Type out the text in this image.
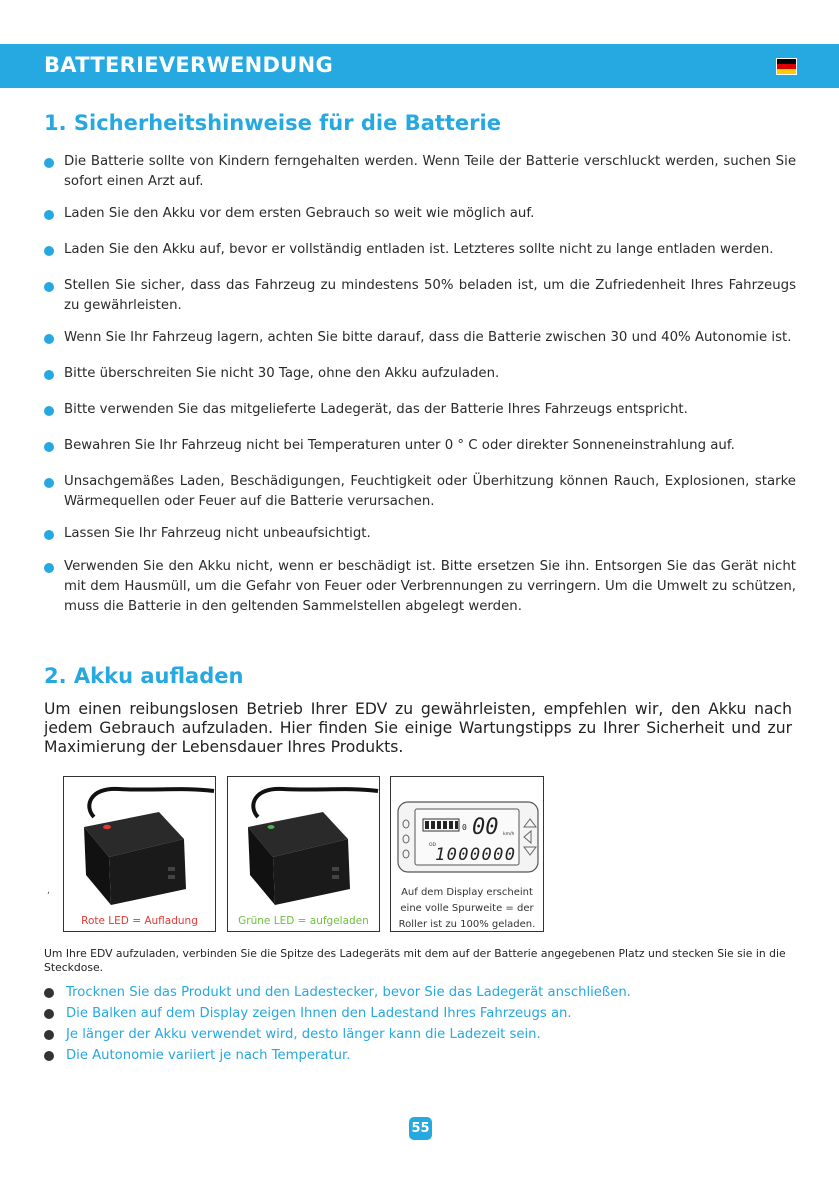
BATTERIEVERWENDUNG
1. Sicherheitshinweise für die Batterie
Die Batterie sollte von Kindern ferngehalten werden. Wenn Teile der Batterie verschluckt werden, suchen Sie sofort einen Arzt auf.
Laden Sie den Akku vor dem ersten Gebrauch so weit wie möglich auf.
Laden Sie den Akku auf, bevor er vollständig entladen ist. Letzteres sollte nicht zu lange entladen werden.
Stellen Sie sicher, dass das Fahrzeug zu mindestens 50% beladen ist, um die Zufriedenheit Ihres Fahrzeugs zu gewährleisten.
Wenn Sie Ihr Fahrzeug lagern, achten Sie bitte darauf, dass die Batterie zwischen 30 und 40% Autonomie ist.
Bitte überschreiten Sie nicht 30 Tage, ohne den Akku aufzuladen.
Bitte verwenden Sie das mitgelieferte Ladegerät, das der Batterie Ihres Fahrzeugs entspricht.
Bewahren Sie Ihr Fahrzeug nicht bei Temperaturen unter 0 ° C oder direkter Sonneneinstrahlung auf.
Unsachgemäßes Laden, Beschädigungen, Feuchtigkeit oder Überhitzung können Rauch, Explosionen, starke Wärmequellen oder Feuer auf die Batterie verursachen.
Lassen Sie Ihr Fahrzeug nicht unbeaufsichtigt.
Verwenden Sie den Akku nicht, wenn er beschädigt ist. Bitte ersetzen Sie ihn. Entsorgen Sie das Gerät nicht mit dem Hausmüll, um die Gefahr von Feuer oder Verbrennungen zu verringern. Um die Umwelt zu schützen, muss die Batterie in den geltenden Sammelstellen abgelegt werden.
2. Akku aufladen
Um einen reibungslosen Betrieb Ihrer EDV zu gewährleisten, empfehlen wir, den Akku nach jedem Gebrauch aufzuladen. Hier finden Sie einige Wartungstipps zu Ihrer Sicherheit und zur Maximierung der Lebensdauer Ihres Produkts.
,
Rote LED = Aufladung	Grüne LED = aufgeladen
0 00 km/h
OD
1000000
Auf dem Display erscheint eine volle Spurweite = der Roller ist zu 100% geladen.
Um Ihre EDV aufzuladen, verbinden Sie die Spitze des Ladegeräts mit dem auf der Batterie angegebenen Platz und stecken Sie sie in die Steckdose.
Trocknen Sie das Produkt und den Ladestecker, bevor Sie das Ladegerät anschließen.
Die Balken auf dem Display zeigen Ihnen den Ladestand Ihres Fahrzeugs an.
Je länger der Akku verwendet wird, desto länger kann die Ladezeit sein.
Die Autonomie variiert je nach Temperatur.
55
